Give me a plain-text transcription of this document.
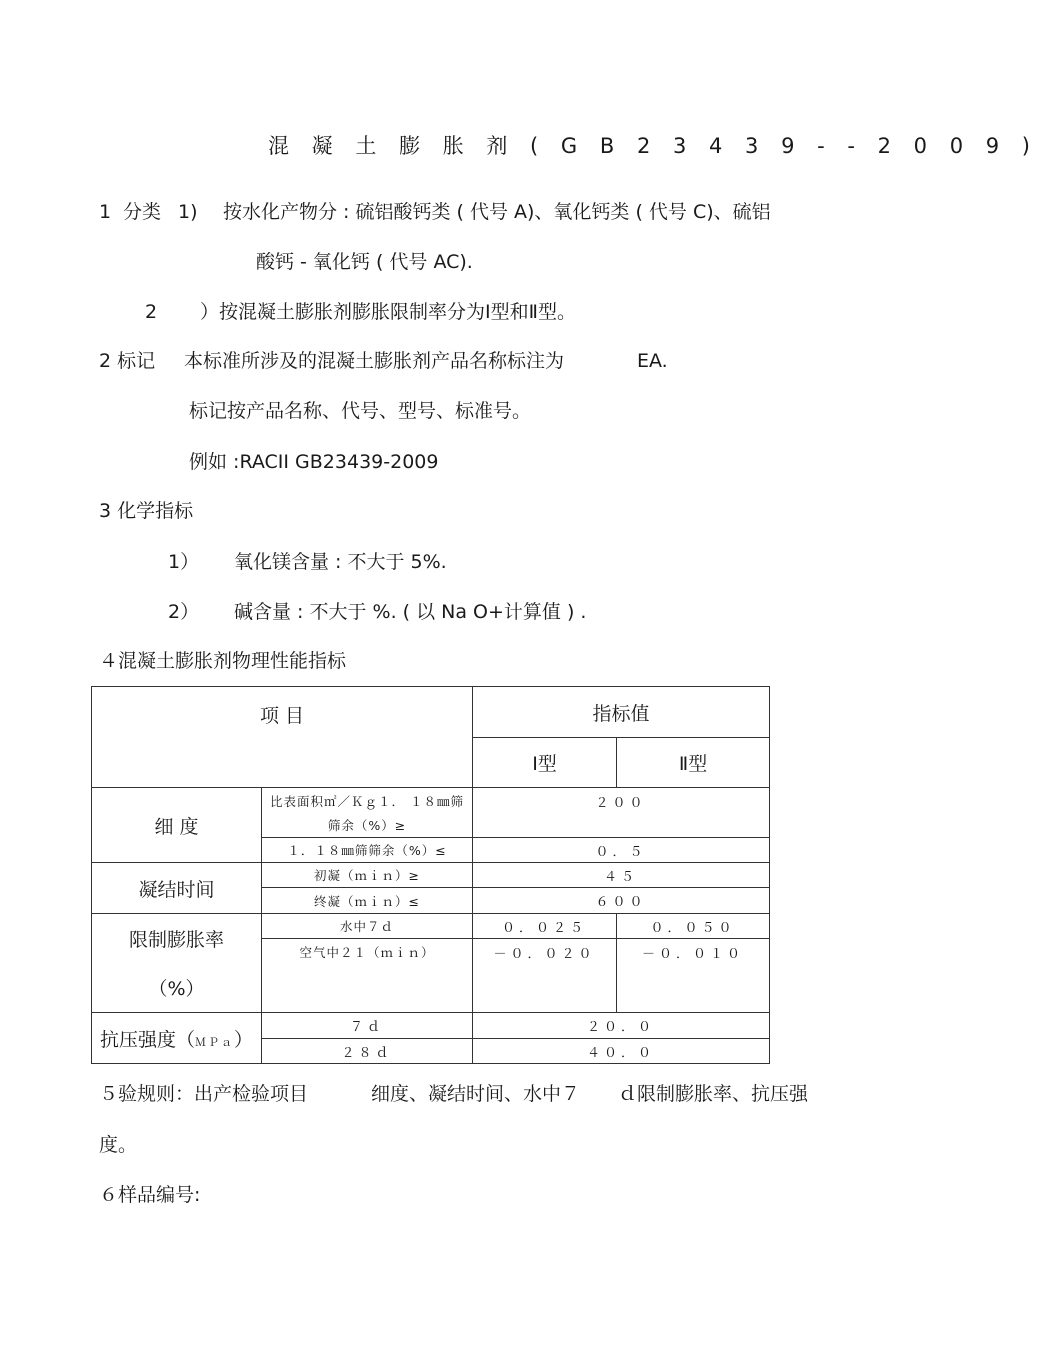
混 凝 土 膨 胀 剂 ( G B 2 3 4 3 9 - - 2 0 0 9 )
1 分类 1) 按水化产物分 : 硫铝酸钙类 ( 代号 A)、氧化钙类 ( 代号 C)、硫铝
酸钙 - 氧化钙 ( 代号 AC).
2 ）按混凝土膨胀剂膨胀限制率分为Ⅰ型和Ⅱ型。
2 标记 本标准所涉及的混凝土膨胀剂产品名称标注为	EA.
标记按产品名称、代号、型号、标准号。
例如 :RACII GB23439-2009
3 化学指标
1） 氧化镁含量 : 不大于 5%.
2） 碱含量 : 不大于 %. ( 以 Na O+计算值 ) .
４混凝土膨胀剂物理性能指标
项 目		指标值	
		Ⅰ型	Ⅱ型
细 度	比表面积㎡／Ｋｇ１． １８㎜筛
筛余（%）≥	２００	
	１．１８㎜筛筛余（%）≤	０．５	
凝结时间	初凝（ｍｉｎ）≥	４５	
	终凝（ｍｉｎ）≤	６００	

限制膨胀率
（%）	水中７ｄ	０．０２５	０．０５０
	空气中２１（ｍｉｎ）	－０．０２０	－０．０１０
抗压强度（ＭＰａ）	７ｄ	２０．０	
	２８ｄ	４０．０	
５验规则：出产检验项目	细度、凝结时间、水中７ ｄ限制膨胀率、抗压强
度。
６样品编号:
